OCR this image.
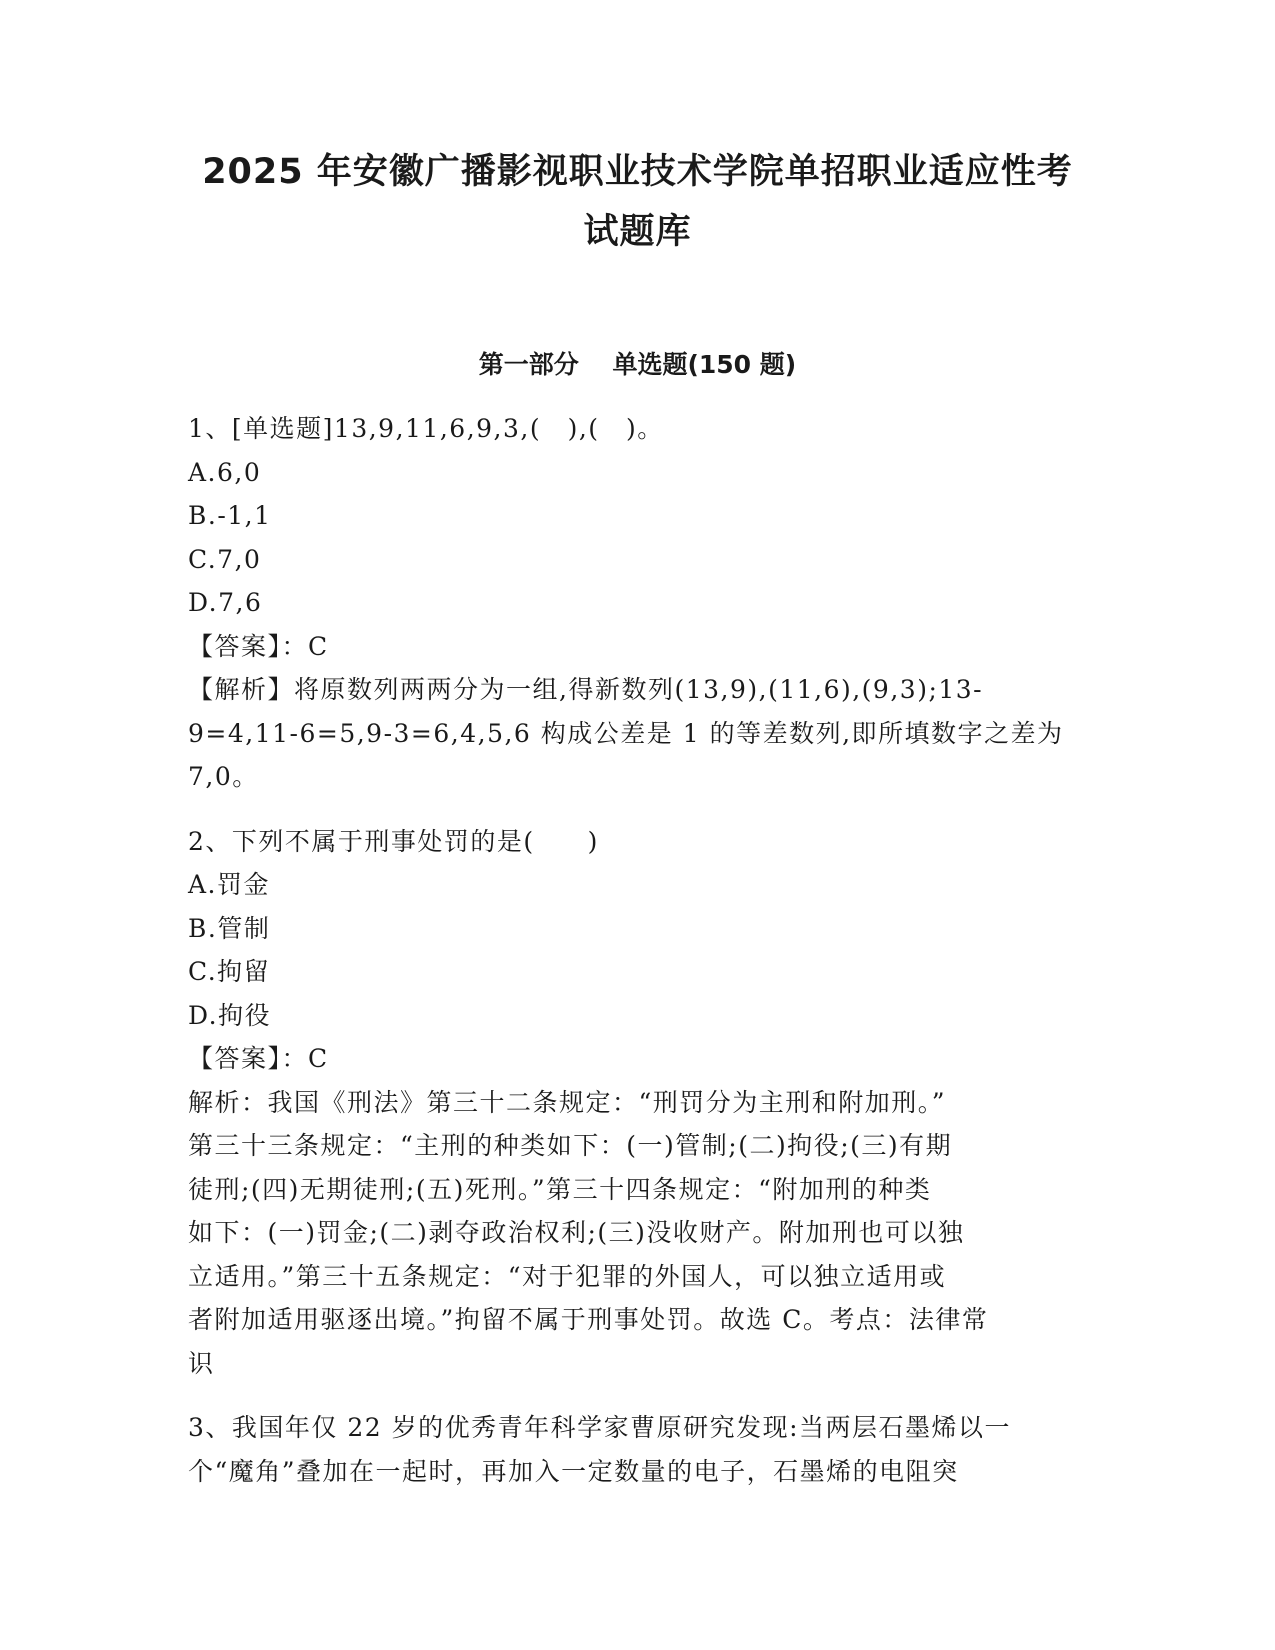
2025 年安徽广播影视职业技术学院单招职业适应性考
试题库
第一部分　 单选题(150 题)
1、[单选题]13,9,11,6,9,3,(　),(　)。
A.6,0
B.-1,1
C.7,0
D.7,6
【答案】：C
【解析】将原数列两两分为一组,得新数列(13,9),(11,6),(9,3);13-
9=4,11-6=5,9-3=6,4,5,6 构成公差是 1 的等差数列,即所填数字之差为
7,0。
2、下列不属于刑事处罚的是(　　)
A.罚金
B.管制
C.拘留
D.拘役
【答案】：C
解析：我国《刑法》第三十二条规定：“刑罚分为主刑和附加刑。”
第三十三条规定：“主刑的种类如下：(一)管制;(二)拘役;(三)有期
徒刑;(四)无期徒刑;(五)死刑。”第三十四条规定：“附加刑的种类
如下：(一)罚金;(二)剥夺政治权利;(三)没收财产。附加刑也可以独
立适用。”第三十五条规定：“对于犯罪的外国人，可以独立适用或
者附加适用驱逐出境。”拘留不属于刑事处罚。故选 C。考点：法律常
识
3、我国年仅 22 岁的优秀青年科学家曹原研究发现:当两层石墨烯以一
个“魔角”叠加在一起时，再加入一定数量的电子，石墨烯的电阻突
